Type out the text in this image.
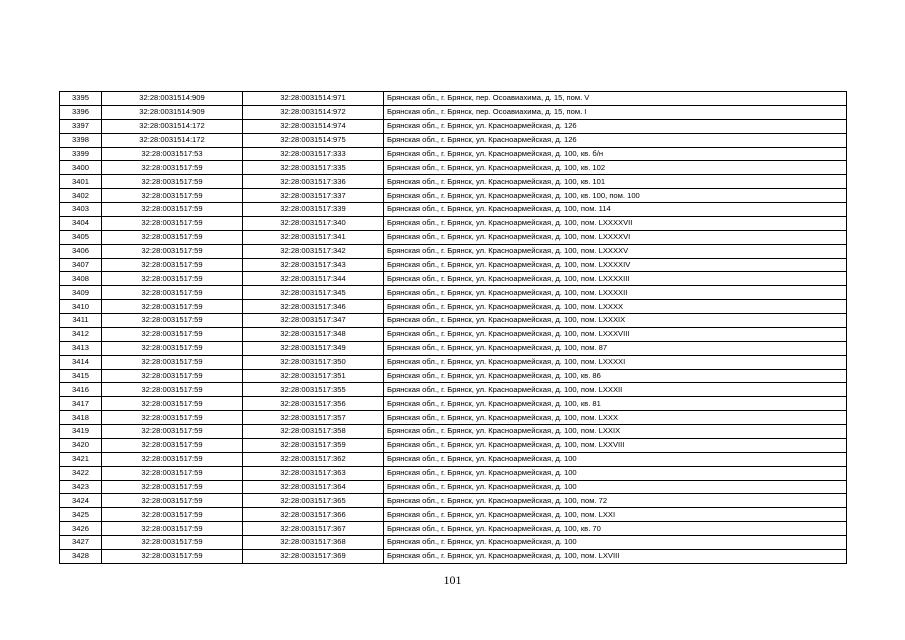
3395	32:28:0031514:909	32:28:0031514:971	Брянская обл., г. Брянск, пер. Осоавиахима, д. 15, пом. V
3396	32:28:0031514:909	32:28:0031514:972	Брянская обл., г. Брянск, пер. Осоавиахима, д. 15, пом. I
3397	32:28:0031514:172	32:28:0031514:974	Брянская обл., г. Брянск, ул. Красноармейская, д. 126
3398	32:28:0031514:172	32:28:0031514:975	Брянская обл., г. Брянск, ул. Красноармейская, д. 126
3399	32:28:0031517:53	32:28:0031517:333	Брянская обл., г. Брянск, ул. Красноармейская, д. 100, кв. б/н
3400	32:28:0031517:59	32:28:0031517:335	Брянская обл., г. Брянск, ул. Красноармейская, д. 100, кв. 102
3401	32:28:0031517:59	32:28:0031517:336	Брянская обл., г. Брянск, ул. Красноармейская, д. 100, кв. 101
3402	32:28:0031517:59	32:28:0031517:337	Брянская обл., г. Брянск, ул. Красноармейская, д. 100, кв. 100, пом. 100
3403	32:28:0031517:59	32:28:0031517:339	Брянская обл., г. Брянск, ул. Красноармейская, д. 100, пом. 114
3404	32:28:0031517:59	32:28:0031517:340	Брянская обл., г. Брянск, ул. Красноармейская, д. 100, пом. LXXXXVII
3405	32:28:0031517:59	32:28:0031517:341	Брянская обл., г. Брянск, ул. Красноармейская, д. 100, пом. LXXXXVI
3406	32:28:0031517:59	32:28:0031517:342	Брянская обл., г. Брянск, ул. Красноармейская, д. 100, пом. LXXXXV
3407	32:28:0031517:59	32:28:0031517:343	Брянская обл., г. Брянск, ул. Красноармейская, д. 100, пом. LXXXXIV
3408	32:28:0031517:59	32:28:0031517:344	Брянская обл., г. Брянск, ул. Красноармейская, д. 100, пом. LXXXXIII
3409	32:28:0031517:59	32:28:0031517:345	Брянская обл., г. Брянск, ул. Красноармейская, д. 100, пом. LXXXXII
3410	32:28:0031517:59	32:28:0031517:346	Брянская обл., г. Брянск, ул. Красноармейская, д. 100, пом. LXXXX
3411	32:28:0031517:59	32:28:0031517:347	Брянская обл., г. Брянск, ул. Красноармейская, д. 100, пом. LXXXIX
3412	32:28:0031517:59	32:28:0031517:348	Брянская обл., г. Брянск, ул. Красноармейская, д. 100, пом. LXXXVIII
3413	32:28:0031517:59	32:28:0031517:349	Брянская обл., г. Брянск, ул. Красноармейская, д. 100, пом. 87
3414	32:28:0031517:59	32:28:0031517:350	Брянская обл., г. Брянск, ул. Красноармейская, д. 100, пом. LXXXXI
3415	32:28:0031517:59	32:28:0031517:351	Брянская обл., г. Брянск, ул. Красноармейская, д. 100, кв. 86
3416	32:28:0031517:59	32:28:0031517:355	Брянская обл., г. Брянск, ул. Красноармейская, д. 100, пом. LXXXII
3417	32:28:0031517:59	32:28:0031517:356	Брянская обл., г. Брянск, ул. Красноармейская, д. 100, кв. 81
3418	32:28:0031517:59	32:28:0031517:357	Брянская обл., г. Брянск, ул. Красноармейская, д. 100, пом. LXXX
3419	32:28:0031517:59	32:28:0031517:358	Брянская обл., г. Брянск, ул. Красноармейская, д. 100, пом. LXXIX
3420	32:28:0031517:59	32:28:0031517:359	Брянская обл., г. Брянск, ул. Красноармейская, д. 100, пом. LXXVIII
3421	32:28:0031517:59	32:28:0031517:362	Брянская обл., г. Брянск, ул. Красноармейская, д. 100
3422	32:28:0031517:59	32:28:0031517:363	Брянская обл., г. Брянск, ул. Красноармейская, д. 100
3423	32:28:0031517:59	32:28:0031517:364	Брянская обл., г. Брянск, ул. Красноармейская, д. 100
3424	32:28:0031517:59	32:28:0031517:365	Брянская обл., г. Брянск, ул. Красноармейская, д. 100, пом. 72
3425	32:28:0031517:59	32:28:0031517:366	Брянская обл., г. Брянск, ул. Красноармейская, д. 100, пом. LXXI
3426	32:28:0031517:59	32:28:0031517:367	Брянская обл., г. Брянск, ул. Красноармейская, д. 100, кв. 70
3427	32:28:0031517:59	32:28:0031517:368	Брянская обл., г. Брянск, ул. Красноармейская, д. 100
3428	32:28:0031517:59	32:28:0031517:369	Брянская обл., г. Брянск, ул. Красноармейская, д. 100, пом. LXVIII
101
